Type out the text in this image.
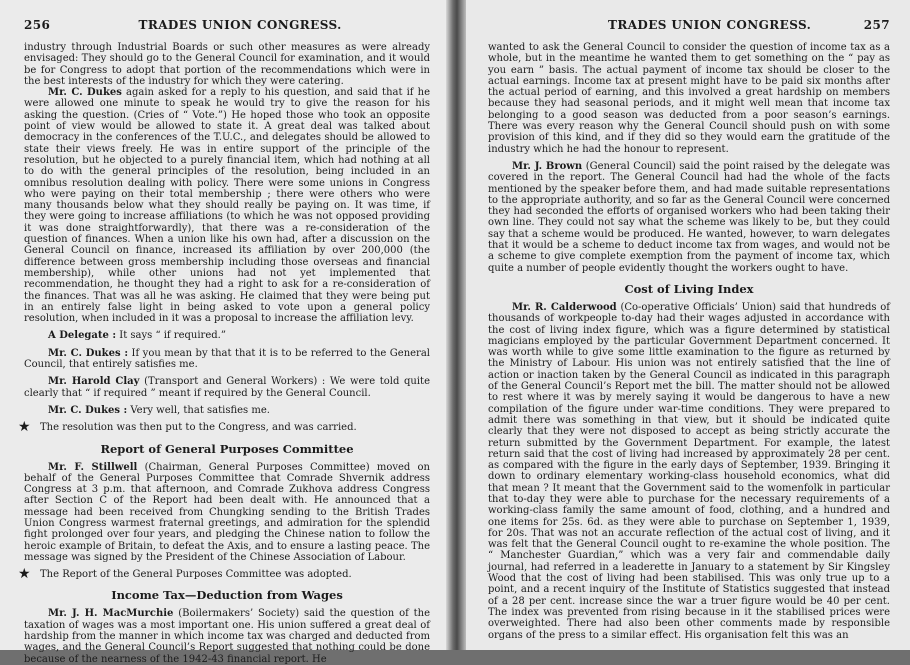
256	TRADES UNION CONGRESS.

industry through Industrial Boards or such other measures as were already envisaged: They should go to the General Council for examination, and it would be for Congress to adopt that portion of the recommendations which were in the best interests of the industry for which they were catering.

Mr. C. Dukes again asked for a reply to his question, and said that if he were allowed one minute to speak he would try to give the reason for his asking the question. (Cries of “ Vote.”) He hoped those who took an opposite point of view would be allowed to state it. A great deal was talked about democracy in the conferences of the T.U.C., and delegates should be allowed to state their views freely. He was in entire support of the principle of the resolution, but he objected to a purely financial item, which had nothing at all to do with the general principles of the resolution, being included in an omnibus resolution dealing with policy. There were some unions in Congress who were paying on their total membership ; there were others who were many thousands below what they should really be paying on. It was time, if they were going to increase affiliations (to which he was not opposed providing it was done straightforwardly), that there was a re-consideration of the question of finances. When a union like his own had, after a discussion on the General Council on finance, increased its affiliation by over 200,000 (the difference between gross membership including those overseas and financial membership), while other unions had not yet implemented that recommendation, he thought they had a right to ask for a re-consideration of the finances. That was all he was asking. He claimed that they were being put in an entirely false light in being asked to vote upon a general policy resolution, when included in it was a proposal to increase the affiliation levy.

A Delegate : It says “ if required.”

Mr. C. Dukes : If you mean by that that it is to be referred to the General Council, that entirely satisfies me.

Mr. Harold Clay (Transport and General Workers) : We were told quite clearly that “ if required ” meant if required by the General Council.

Mr. C. Dukes : Very well, that satisfies me.

★ The resolution was then put to the Congress, and was carried.

Report of General Purposes Committee

Mr. F. Stillwell (Chairman, General Purposes Committee) moved on behalf of the General Purposes Committee that Comrade Shvernik address Congress at 3 p.m. that afternoon, and Comrade Zukhova address Congress after Section C of the Report had been dealt with. He announced that a message had been received from Chungking sending to the British Trades Union Congress warmest fraternal greetings, and admiration for the splendid fight prolonged over four years, and pledging the Chinese nation to follow the heroic example of Britain, to defeat the Axis, and to ensure a lasting peace. The message was signed by the President of the Chinese Association of Labour.

★ The Report of the General Purposes Committee was adopted.

Income Tax—Deduction from Wages

Mr. J. H. MacMurchie (Boilermakers’ Society) said the question of the taxation of wages was a most important one. His union suffered a great deal of hardship from the manner in which income tax was charged and deducted from wages, and the General Council’s Report suggested that nothing could be done because of the nearness of the 1942-43 financial report. He

TRADES UNION CONGRESS.	257

wanted to ask the General Council to consider the question of income tax as a whole, but in the meantime he wanted them to get something on the “ pay as you earn ” basis. The actual payment of income tax should be closer to the actual earnings. Income tax at present might have to be paid six months after the actual period of earning, and this involved a great hardship on members because they had seasonal periods, and it might well mean that income tax belonging to a good season was deducted from a poor season’s earnings. There was every reason why the General Council should push on with some provision of this kind, and if they did so they would earn the gratitude of the industry which he had the honour to represent.

Mr. J. Brown (General Council) said the point raised by the delegate was covered in the report. The General Council had had the whole of the facts mentioned by the speaker before them, and had made suitable representations to the appropriate authority, and so far as the General Council were concerned they had seconded the efforts of organised workers who had been taking their own line. They could not say what the scheme was likely to be, but they could say that a scheme would be produced. He wanted, however, to warn delegates that it would be a scheme to deduct income tax from wages, and would not be a scheme to give complete exemption from the payment of income tax, which quite a number of people evidently thought the workers ought to have.

Cost of Living Index

Mr. R. Calderwood (Co-operative Officials’ Union) said that hundreds of thousands of workpeople to-day had their wages adjusted in accordance with the cost of living index figure, which was a figure determined by statistical magicians employed by the particular Government Department concerned. It was worth while to give some little examination to the figure as returned by the Ministry of Labour. His union was not entirely satisfied that the line of action or inaction taken by the General Council as indicated in this paragraph of the General Council’s Report met the bill. The matter should not be allowed to rest where it was by merely saying it would be dangerous to have a new compilation of the figure under war-time conditions. They were prepared to admit there was something in that view, but it should be indicated quite clearly that they were not disposed to accept as being strictly accurate the return submitted by the Government Department. For example, the latest return said that the cost of living had increased by approximately 28 per cent. as compared with the figure in the early days of September, 1939. Bringing it down to ordinary elementary working-class household economics, what did that mean ? It meant that the Government said to the womenfolk in particular that to-day they were able to purchase for the necessary requirements of a working-class family the same amount of food, clothing, and a hundred and one items for 25s. 6d. as they were able to purchase on September 1, 1939, for 20s. That was not an accurate reflection of the actual cost of living, and it was felt that the General Council ought to re-examine the whole position. The “ Manchester Guardian,” which was a very fair and commendable daily journal, had referred in a leaderette in January to a statement by Sir Kingsley Wood that the cost of living had been stabilised. This was only true up to a point, and a recent inquiry of the Institute of Statistics suggested that instead of a 28 per cent. increase since the war a truer figure would be 40 per cent. The index was prevented from rising because in it the stabilised prices were overweighted. There had also been other comments made by responsible organs of the press to a similar effect. His organisation felt this was an
